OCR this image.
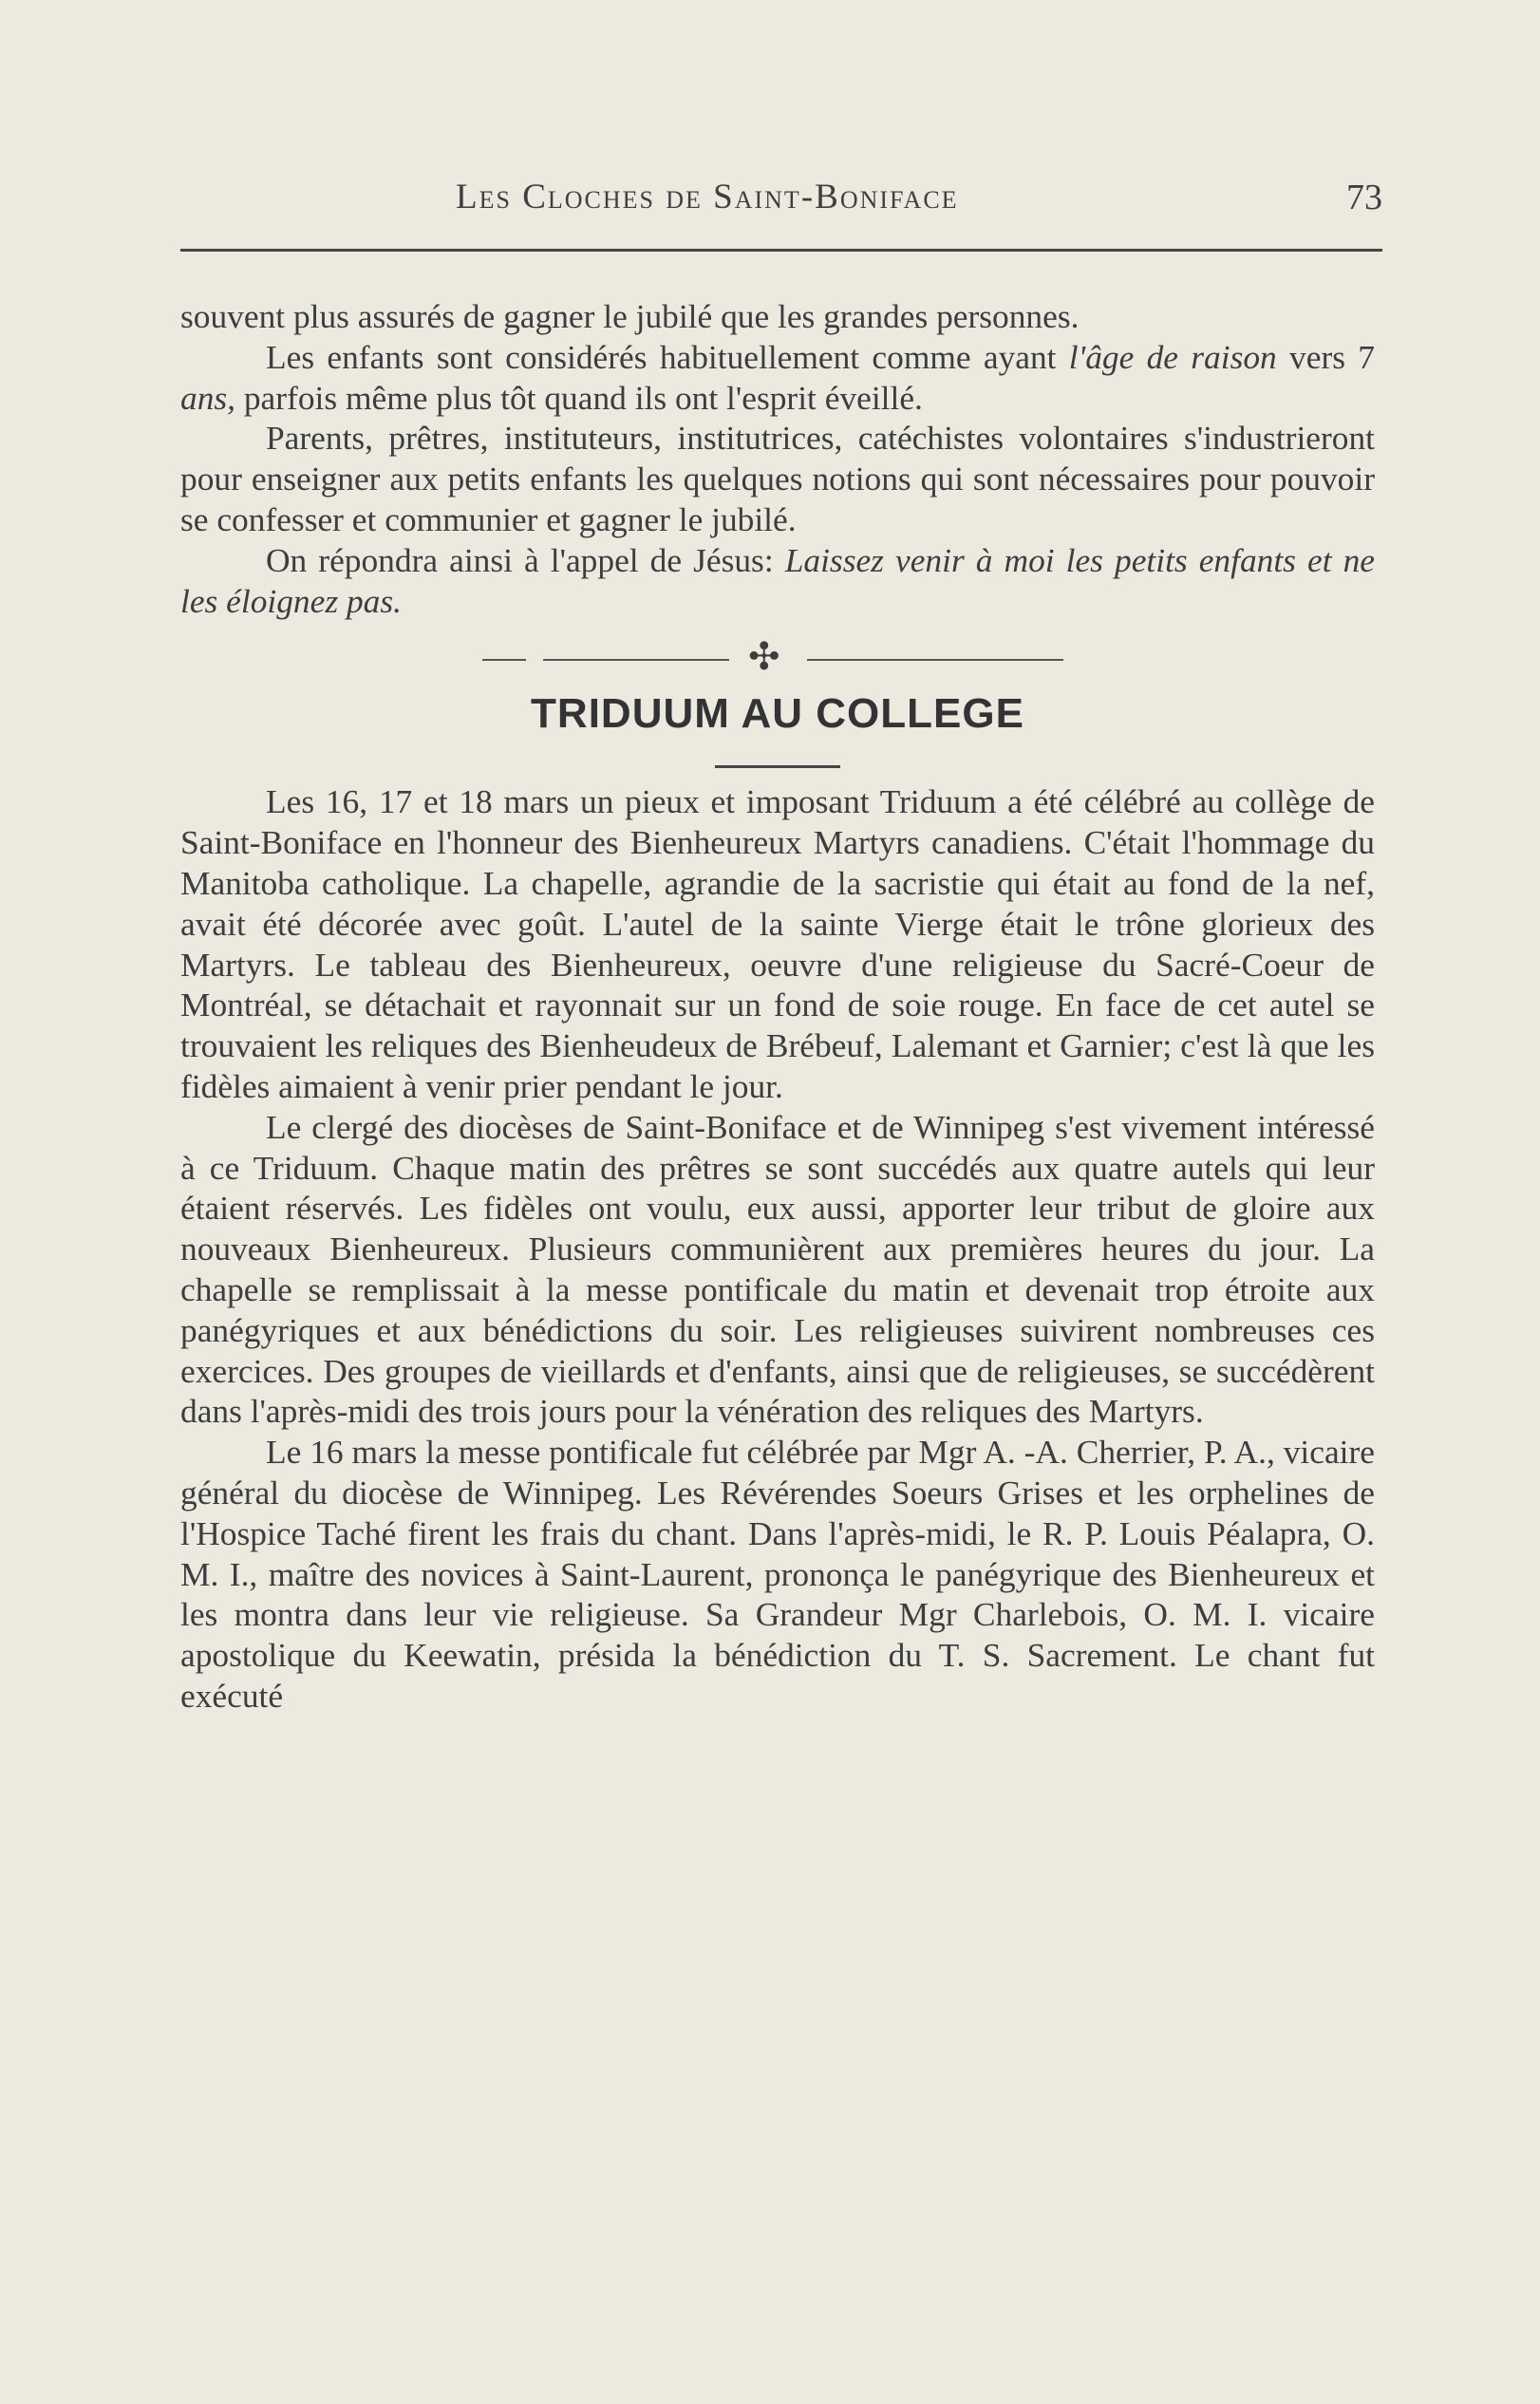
Les Cloches de Saint-Boniface	73

souvent plus assurés de gagner le jubilé que les grandes personnes.

Les enfants sont considérés habituellement comme ayant l'âge de raison vers 7 ans, parfois même plus tôt quand ils ont l'esprit éveillé.

Parents, prêtres, instituteurs, institutrices, catéchistes volontaires s'industrieront pour enseigner aux petits enfants les quelques notions qui sont nécessaires pour pouvoir se confesser et communier et gagner le jubilé.

On répondra ainsi à l'appel de Jésus: Laissez venir à moi les petits enfants et ne les éloignez pas.

✣
TRIDUUM AU COLLEGE

Les 16, 17 et 18 mars un pieux et imposant Triduum a été célébré au collège de Saint-Boniface en l'honneur des Bienheureux Martyrs canadiens. C'était l'hommage du Manitoba catholique. La chapelle, agrandie de la sacristie qui était au fond de la nef, avait été décorée avec goût. L'autel de la sainte Vierge était le trône glorieux des Martyrs. Le tableau des Bienheureux, oeuvre d'une religieuse du Sacré-Coeur de Montréal, se détachait et rayonnait sur un fond de soie rouge. En face de cet autel se trouvaient les reliques des Bienheudeux de Brébeuf, Lalemant et Garnier; c'est là que les fidèles aimaient à venir prier pendant le jour.

Le clergé des diocèses de Saint-Boniface et de Winnipeg s'est vivement intéressé à ce Triduum. Chaque matin des prêtres se sont succédés aux quatre autels qui leur étaient réservés. Les fidèles ont voulu, eux aussi, apporter leur tribut de gloire aux nouveaux Bienheureux. Plusieurs communièrent aux premières heures du jour. La chapelle se remplissait à la messe pontificale du matin et devenait trop étroite aux panégyriques et aux bénédictions du soir. Les religieuses suivirent nombreuses ces exercices. Des groupes de vieillards et d'enfants, ainsi que de religieuses, se succédèrent dans l'après-midi des trois jours pour la vénération des reliques des Martyrs.

Le 16 mars la messe pontificale fut célébrée par Mgr A. -A. Cherrier, P. A., vicaire général du diocèse de Winnipeg. Les Révérendes Soeurs Grises et les orphelines de l'Hospice Taché firent les frais du chant. Dans l'après-midi, le R. P. Louis Péalapra, O. M. I., maître des novices à Saint-Laurent, prononça le panégyrique des Bienheureux et les montra dans leur vie religieuse. Sa Grandeur Mgr Charlebois, O. M. I. vicaire apostolique du Keewatin, présida la bénédiction du T. S. Sacrement. Le chant fut exécuté
